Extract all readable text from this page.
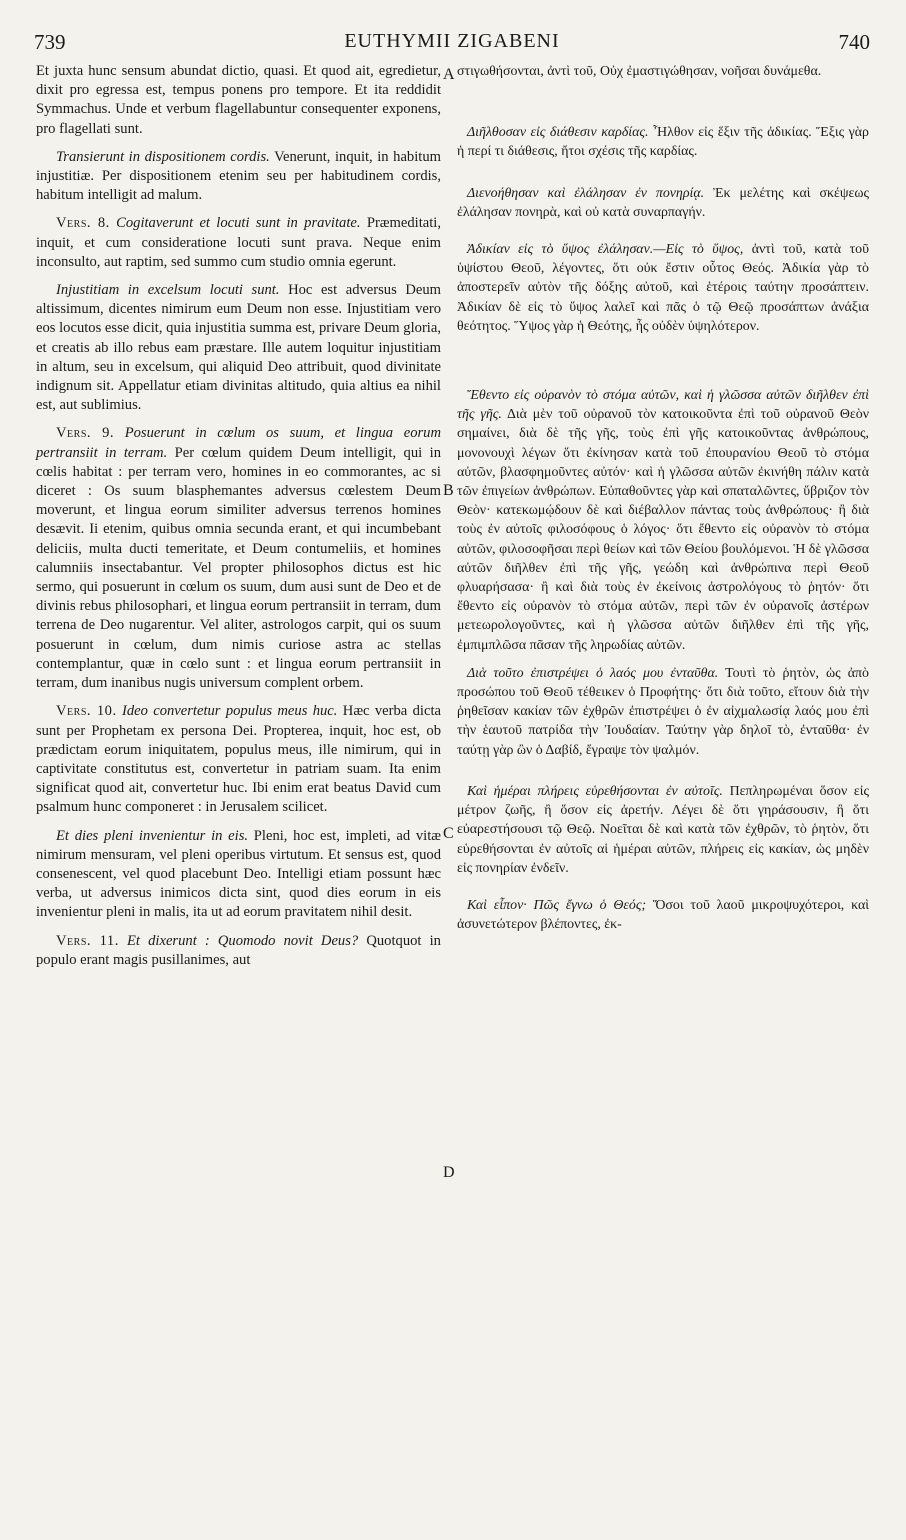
739	EUTHYMII ZIGABENI	740

Et juxta hunc sensum abundat dictio, quasi. Et quod ait, egredietur, dixit pro egressa est, tempus ponens pro tempore. Et ita reddidit Symmachus. Unde et verbum flagellabuntur consequenter exponens, pro flagellati sunt.

Transierunt in dispositionem cordis. Venerunt, inquit, in habitum injustitiæ. Per dispositionem etenim seu per habitudinem cordis, habitum intelligit ad malum.

Vers. 8. Cogitaverunt et locuti sunt in pravitate. Præmeditati, inquit, et cum consideratione locuti sunt prava. Neque enim inconsulto, aut raptim, sed summo cum studio omnia egerunt.

Injustitiam in excelsum locuti sunt. Hoc est adversus Deum altissimum, dicentes nimirum eum Deum non esse. Injustitiam vero eos locutos esse dicit, quia injustitia summa est, privare Deum gloria, et creatis ab illo rebus eam præstare. Ille autem loquitur injustitiam in altum, seu in excelsum, qui aliquid Deo attribuit, quod divinitate indignum sit. Appellatur etiam divinitas altitudo, quia altius ea nihil est, aut sublimius.

Vers. 9. Posuerunt in cœlum os suum, et lingua eorum pertransiit in terram. Per cœlum quidem Deum intelligit, qui in cœlis habitat : per terram vero, homines in eo commorantes, ac si diceret : Os suum blasphemantes adversus cœlestem Deum moverunt, et lingua eorum similiter adversus terrenos homines desævit. Ii etenim, quibus omnia secunda erant, et qui incumbebant deliciis, multa ducti temeritate, et Deum contumeliis, et homines calumniis insectabantur. Vel propter philosophos dictus est hic sermo, qui posuerunt in cœlum os suum, dum ausi sunt de Deo et de divinis rebus philosophari, et lingua eorum pertransiit in terram, dum terrena de Deo nugarentur. Vel aliter, astrologos carpit, qui os suum posuerunt in cœlum, dum nimis curiose astra ac stellas contemplantur, quæ in cœlo sunt : et lingua eorum pertransiit in terram, dum inanibus nugis universum complent orbem.

Vers. 10. Ideo convertetur populus meus huc. Hæc verba dicta sunt per Prophetam ex persona Dei. Propterea, inquit, hoc est, ob prædictam eorum iniquitatem, populus meus, ille nimirum, qui in captivitate constitutus est, convertetur in patriam suam. Ita enim significat quod ait, convertetur huc. Ibi enim erat beatus David cum psalmum hunc componeret : in Jerusalem scilicet.

Et dies pleni invenientur in eis. Pleni, hoc est, impleti, ad vitæ nimirum mensuram, vel pleni operibus virtutum. Et sensus est, quod consenescent, vel quod placebunt Deo. Intelligi etiam possunt hæc verba, ut adversus inimicos dicta sint, quod dies eorum in eis invenientur pleni in malis, ita ut ad eorum pravitatem nihil desit.

Vers. 11. Et dixerunt : Quomodo novit Deus? Quotquot in populo erant magis pusillanimes, aut

A
B
C
D

στιγωθήσονται, ἀντὶ τοῦ, Οὐχ ἐμαστιγώθησαν, νοῆσαι δυνάμεθα.

Διῆλθοσαν εἰς διάθεσιν καρδίας. Ἦλθον εἰς ἕξιν τῆς ἀδικίας. Ἕξις γὰρ ἡ περί τι διάθεσις, ἤτοι σχέσις τῆς καρδίας.

Διενοήθησαν καὶ ἐλάλησαν ἐν πονηρίᾳ. Ἐκ μελέτης καὶ σκέψεως ἐλάλησαν πονηρὰ, καὶ οὐ κατὰ συναρπαγήν.

Ἀδικίαν εἰς τὸ ὕψος ἐλάλησαν.—Εἰς τὸ ὕψος, ἀντὶ τοῦ, κατὰ τοῦ ὑψίστου Θεοῦ, λέγοντες, ὅτι οὐκ ἔστιν οὗτος Θεός. Ἀδικία γὰρ τὸ ἀποστερεῖν αὐτὸν τῆς δόξης αὐτοῦ, καὶ ἑτέροις ταύτην προσάπτειν. Ἀδικίαν δὲ εἰς τὸ ὕψος λαλεῖ καὶ πᾶς ὁ τῷ Θεῷ προσάπτων ἀνάξια θεότητος. Ὕψος γὰρ ἡ Θεότης, ἧς οὐδὲν ὑψηλότερον.

Ἔθεντο εἰς οὐρανὸν τὸ στόμα αὐτῶν, καὶ ἡ γλῶσσα αὐτῶν διῆλθεν ἐπὶ τῆς γῆς. Διὰ μὲν τοῦ οὐρανοῦ τὸν κατοικοῦντα ἐπὶ τοῦ οὐρανοῦ Θεὸν σημαίνει, διὰ δὲ τῆς γῆς, τοὺς ἐπὶ γῆς κατοικοῦντας ἀνθρώπους, μονονουχὶ λέγων ὅτι ἐκίνησαν κατὰ τοῦ ἐπουρανίου Θεοῦ τὸ στόμα αὐτῶν, βλασφημοῦντες αὐτόν· καὶ ἡ γλῶσσα αὐτῶν ἐκινήθη πάλιν κατὰ τῶν ἐπιγείων ἀνθρώπων. Εὐπαθοῦντες γὰρ καὶ σπαταλῶντες, ὕβριζον τὸν Θεὸν· κατεκωμῴδουν δὲ καὶ διέβαλλον πάντας τοὺς ἀνθρώπους· ἢ διὰ τοὺς ἐν αὐτοῖς φιλοσόφους ὁ λόγος· ὅτι ἔθεντο εἰς οὐρανὸν τὸ στόμα αὐτῶν, φιλοσοφῆσαι περὶ θείων καὶ τῶν Θείου βουλόμενοι. Ἡ δὲ γλῶσσα αὐτῶν διῆλθεν ἐπὶ τῆς γῆς, γεώδη καὶ ἀνθρώπινα περὶ Θεοῦ φλυαρήσασα· ἢ καὶ διὰ τοὺς ἐν ἐκείνοις ἀστρολόγους τὸ ῥητόν· ὅτι ἔθεντο εἰς οὐρανὸν τὸ στόμα αὐτῶν, περὶ τῶν ἐν οὐρανοῖς ἀστέρων μετεωρολογοῦντες, καὶ ἡ γλῶσσα αὐτῶν διῆλθεν ἐπὶ τῆς γῆς, ἐμπιμπλῶσα πᾶσαν τῆς ληρωδίας αὐτῶν.

Διὰ τοῦτο ἐπιστρέψει ὁ λαός μου ἐνταῦθα. Τουτὶ τὸ ῥητὸν, ὡς ἀπὸ προσώπου τοῦ Θεοῦ τέθεικεν ὁ Προφήτης· ὅτι διὰ τοῦτο, εἴτουν διὰ τὴν ῥηθεῖσαν κακίαν τῶν ἐχθρῶν ἐπιστρέψει ὁ ἐν αἰχμαλωσίᾳ λαός μου ἐπὶ τὴν ἑαυτοῦ πατρίδα τὴν Ἰουδαίαν. Ταύτην γὰρ δηλοῖ τὸ, ἐνταῦθα· ἐν ταύτῃ γὰρ ὢν ὁ Δαβίδ, ἔγραψε τὸν ψαλμόν.

Καὶ ἡμέραι πλήρεις εὑρεθήσονται ἐν αὐτοῖς. Πεπληρωμέναι ὅσον εἰς μέτρον ζωῆς, ἢ ὅσον εἰς ἀρετήν. Λέγει δὲ ὅτι γηράσουσιν, ἢ ὅτι εὐαρεστήσουσι τῷ Θεῷ. Νοεῖται δὲ καὶ κατὰ τῶν ἐχθρῶν, τὸ ῥητὸν, ὅτι εὑρεθήσονται ἐν αὐτοῖς αἱ ἡμέραι αὐτῶν, πλήρεις εἰς κακίαν, ὡς μηδὲν εἰς πονηρίαν ἐνδεῖν.

Καὶ εἶπον· Πῶς ἔγνω ὁ Θεός; Ὅσοι τοῦ λαοῦ μικροψυχότεροι, καὶ ἀσυνετώτερον βλέποντες, ἐκ-
